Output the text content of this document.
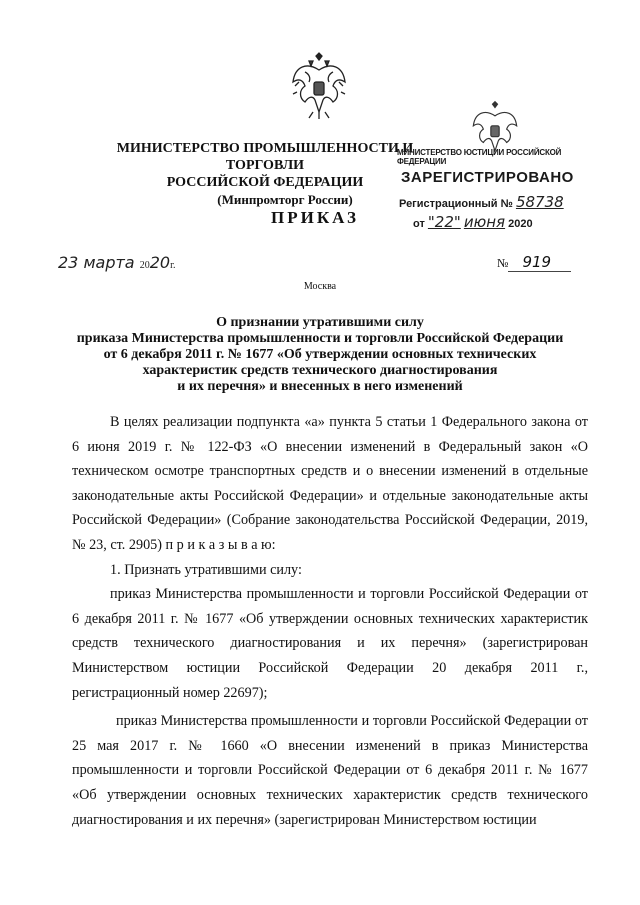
МИНИСТЕРСТВО ПРОМЫШЛЕННОСТИ И ТОРГОВЛИ
РОССИЙСКОЙ ФЕДЕРАЦИИ
(Минпромторг России)
МИНИСТЕРСТВО ЮСТИЦИИ РОССИЙСКОЙ ФЕДЕРАЦИИ
ЗАРЕГИСТРИРОВАНО
Регистрационный № 58738
от "22" июня 2020
ПРИКАЗ
23 марта 2020г.	№ 919
Москва
О признании утратившими силу
приказа Министерства промышленности и торговли Российской Федерации
от 6 декабря 2011 г. № 1677 «Об утверждении основных технических
характеристик средств технического диагностирования
и их перечня» и внесенных в него изменений

В целях реализации подпункта «а» пункта 5 статьи 1 Федерального закона от 6 июня 2019 г. № 122-ФЗ «О внесении изменений в Федеральный закон «О техническом осмотре транспортных средств и о внесении изменений в отдельные законодательные акты Российской Федерации» и отдельные законодательные акты Российской Федерации» (Собрание законодательства Российской Федерации, 2019, № 23, ст. 2905) п р и к а з ы в а ю:

1. Признать утратившими силу:

приказ Министерства промышленности и торговли Российской Федерации от 6 декабря 2011 г. № 1677 «Об утверждении основных технических характеристик средств технического диагностирования и их перечня» (зарегистрирован Министерством юстиции Российской Федерации 20 декабря 2011 г., регистрационный номер 22697);

приказ Министерства промышленности и торговли Российской Федерации от 25 мая 2017 г. № 1660 «О внесении изменений в приказ Министерства промышленности и торговли Российской Федерации от 6 декабря 2011 г. № 1677 «Об утверждении основных технических характеристик средств технического диагностирования и их перечня» (зарегистрирован Министерством юстиции
